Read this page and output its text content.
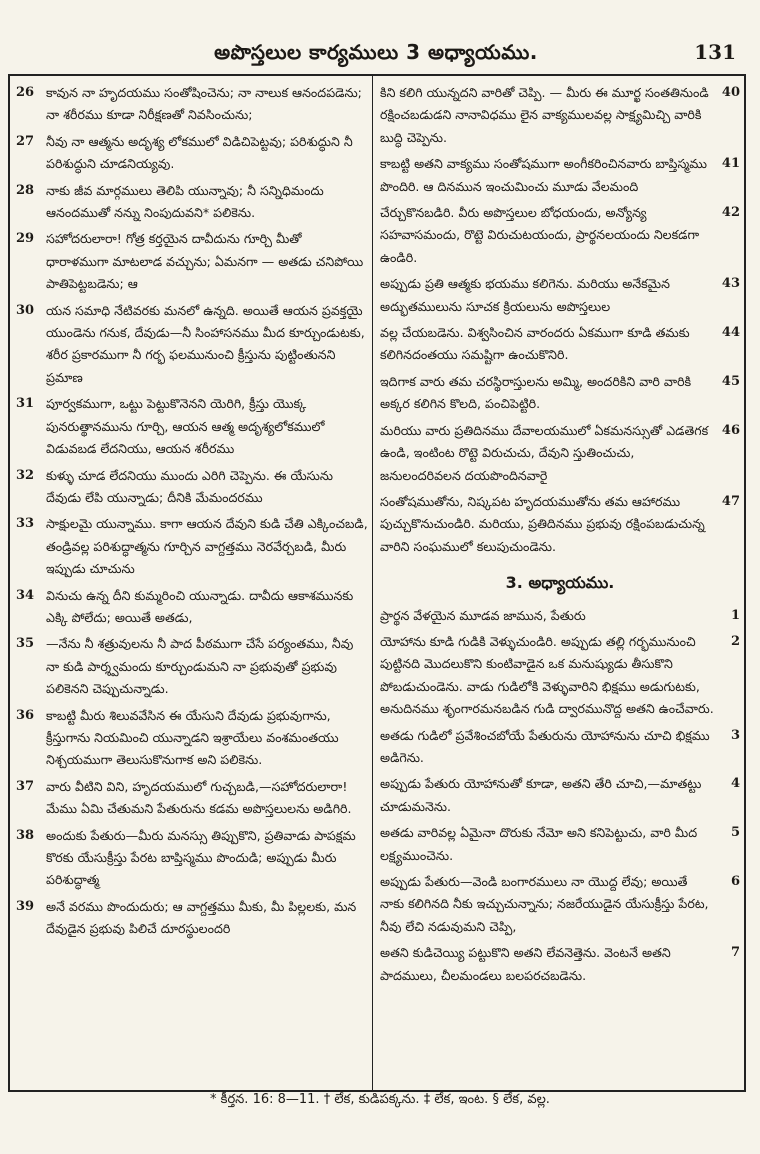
అపొస్తలుల కార్యములు 3 అధ్యాయము.	131
26 కావున నా హృదయము సంతోషించెను; నా నాలుక ఆనందపడెను; నా శరీరము కూడా నిరీక్షణతో నివసించును;
27 నీవు నా ఆత్మను అదృశ్య లోకములో విడిచిపెట్టవు; పరిశుద్ధుని నీ పరిశుద్ధుని చూడనియ్యవు.
28 నాకు జీవ మార్గములు తెలిపి యున్నావు; నీ సన్నిధిమందు ఆనందముతో నన్ను నింపుదువని* పలికెను.
29 సహోదరులారా! గోత్ర కర్తయైన దావీదును గూర్చి మీతో ధారాళముగా మాటలాడ వచ్చును; ఏమనగా — అతడు చనిపోయి పాతిపెట్టబడెను; ఆ
30 యన సమాధి నేటివరకు మనలో ఉన్నది. అయితే ఆయన ప్రవక్తయై యుండెను గనుక, దేవుడు—నీ సింహాసనము మీద కూర్చుండుటకు, శరీర ప్రకారముగా నీ గర్భ ఫలమునుంచి క్రీస్తును పుట్టింతునని ప్రమాణ
31 పూర్వకముగా, ఒట్టు పెట్టుకొనెనని యెరిగి, క్రీస్తు యొక్క పునరుత్థానమును గూర్చి, ఆయన ఆత్మ అదృశ్యలోకములో విడువబడ లేదనియు, ఆయన శరీరము
32 కుళ్ళు చూడ లేదనియు ముందు ఎరిగి చెప్పెను. ఈ యేసును దేవుడు లేపి యున్నాడు; దీనికి మేమందరము
33 సాక్షులమై యున్నాము. కాగా ఆయన దేవుని కుడి చేతి ఎక్కించబడి, తండ్రివల్ల పరిశుద్ధాత్మను గూర్చిన వాగ్దత్తము నెరవేర్చబడి, మీరు ఇప్పుడు చూచును
34 వినుచు ఉన్న దీని కుమ్మరించి యున్నాడు. దావీదు ఆకాశమునకు ఎక్కి పోలేదు; అయితే అతడు,
35 —నేను నీ శత్రువులను నీ పాద పీఠముగా చేసే పర్యంతము, నీవు నా కుడి పార్శ్వమందు కూర్చుండుమని నా ప్రభువుతో ప్రభువు పలికెనని చెప్పుచున్నాడు.
36 కాబట్టి మీరు శిలువవేసిన ఈ యేసుని దేవుడు ప్రభువుగాను, క్రీస్తుగాను నియమించి యున్నాడని ఇశ్రాయేలు వంశమంతయు నిశ్చయముగా తెలుసుకొనుగాక అని పలికెను.
37 వారు వీటిని విని, హృదయములో గుచ్చబడి,—సహోదరులారా! మేము ఏమి చేతుమని పేతురును కడమ అపొస్తలులను అడిగిరి.
38 అందుకు పేతురు—మీరు మనస్సు తిప్పుకొని, ప్రతివాడు పాపక్షమ కొరకు యేసుక్రీస్తు పేరట బాప్తిస్మము పొందుడి; అప్పుడు మీరు పరిశుద్ధాత్మ
39 అనే వరము పొందుదురు; ఆ వాగ్దత్తము మీకు, మీ పిల్లలకు, మన దేవుడైన ప్రభువు పిలిచే దూరస్థులందరి
40
కిని కలిగి యున్నదని వారితో చెప్పి. — మీరు ఈ మూర్ఖ సంతతినుండి రక్షించబడుడని నానావిధము లైన వాక్యములవల్ల సాక్ష్యమిచ్చి వారికి బుద్ధి చెప్పెను.
41
కాబట్టి అతని వాక్యము సంతోషముగా అంగీకరించినవారు బాప్తిస్మము పొందిరి. ఆ దినమున ఇంచుమించు మూడు వేలమంది
42
చేర్చుకొనబడిరి. వీరు అపొస్తలుల బోధయందు, అన్యోన్య సహవాసమందు, రొట్టె విరుచుటయందు, ప్రార్థనలయందు నిలకడగా ఉండిరి.
43
అప్పుడు ప్రతి ఆత్మకు భయము కలిగెను. మరియు అనేకమైన అద్భుతములును సూచక క్రియలును అపొస్తలుల
44
వల్ల చేయబడెను. విశ్వసించిన వారందరు ఏకముగా కూడి తమకు కలిగినదంతయు సమష్టిగా ఉంచుకొనిరి.
45
ఇదిగాక వారు తమ చరస్థిరాస్తులను అమ్మి, అందరికిని వారి వారికి అక్కర కలిగిన కొలది, పంచిపెట్టిరి.
46
మరియు వారు ప్రతిదినము దేవాలయములో ఏకమనస్సుతో ఎడతెగక ఉండి, ఇంటింట రొట్టె విరుచుచు, దేవుని స్తుతించుచు, జనులందరివలన దయపొందినవారై
47
సంతోషముతోను, నిష్కపట హృదయముతోను తమ ఆహారము పుచ్చుకొనుచుండిరి. మరియు, ప్రతిదినము ప్రభువు రక్షింపబడుచున్న వారిని సంఘములో కలుపుచుండెను.
3. అధ్యాయము.
1
ప్రార్థన వేళయైన మూడవ జామున, పేతురు
2
యోహాను కూడి గుడికి వెళ్ళుచుండిరి. అప్పుడు తల్లి గర్భమునుంచి పుట్టినది మొదలుకొని కుంటివాడైన ఒక మనుష్యుడు తీసుకొని పోబడుచుండెను. వాడు గుడిలోకి వెళ్ళువారిని భిక్షము అడుగుటకు, అనుదినము శృంగారమనబడిన గుడి ద్వారమునొద్ద అతని ఉంచేవారు.
3
అతడు గుడిలో ప్రవేశించబోయే పేతురును యోహానును చూచి భిక్షము అడిగెను.
4
అప్పుడు పేతురు యోహానుతో కూడా, అతని తేరి చూచి,—మాతట్టు చూడుమనెను.
5
అతడు వారివల్ల ఏమైనా దొరుకు నేమో అని కనిపెట్టుచు, వారి మీద లక్ష్యముంచెను.
6
అప్పుడు పేతురు—వెండి బంగారములు నా యొద్ద లేవు; అయితే నాకు కలిగినది నీకు ఇచ్చుచున్నాను; నజరేయుడైన యేసుక్రీస్తు పేరట, నీవు లేచి నడువుమని చెప్పి,
7
అతని కుడిచెయ్యి పట్టుకొని అతని లేవనెత్తెను. వెంటనే అతని పాదములు, చీలమండలు బలపరచబడెను.
* కీర్తన. 16: 8—11. † లేక, కుడిపక్కను. ‡ లేక, ఇంట. § లేక, వల్ల.
